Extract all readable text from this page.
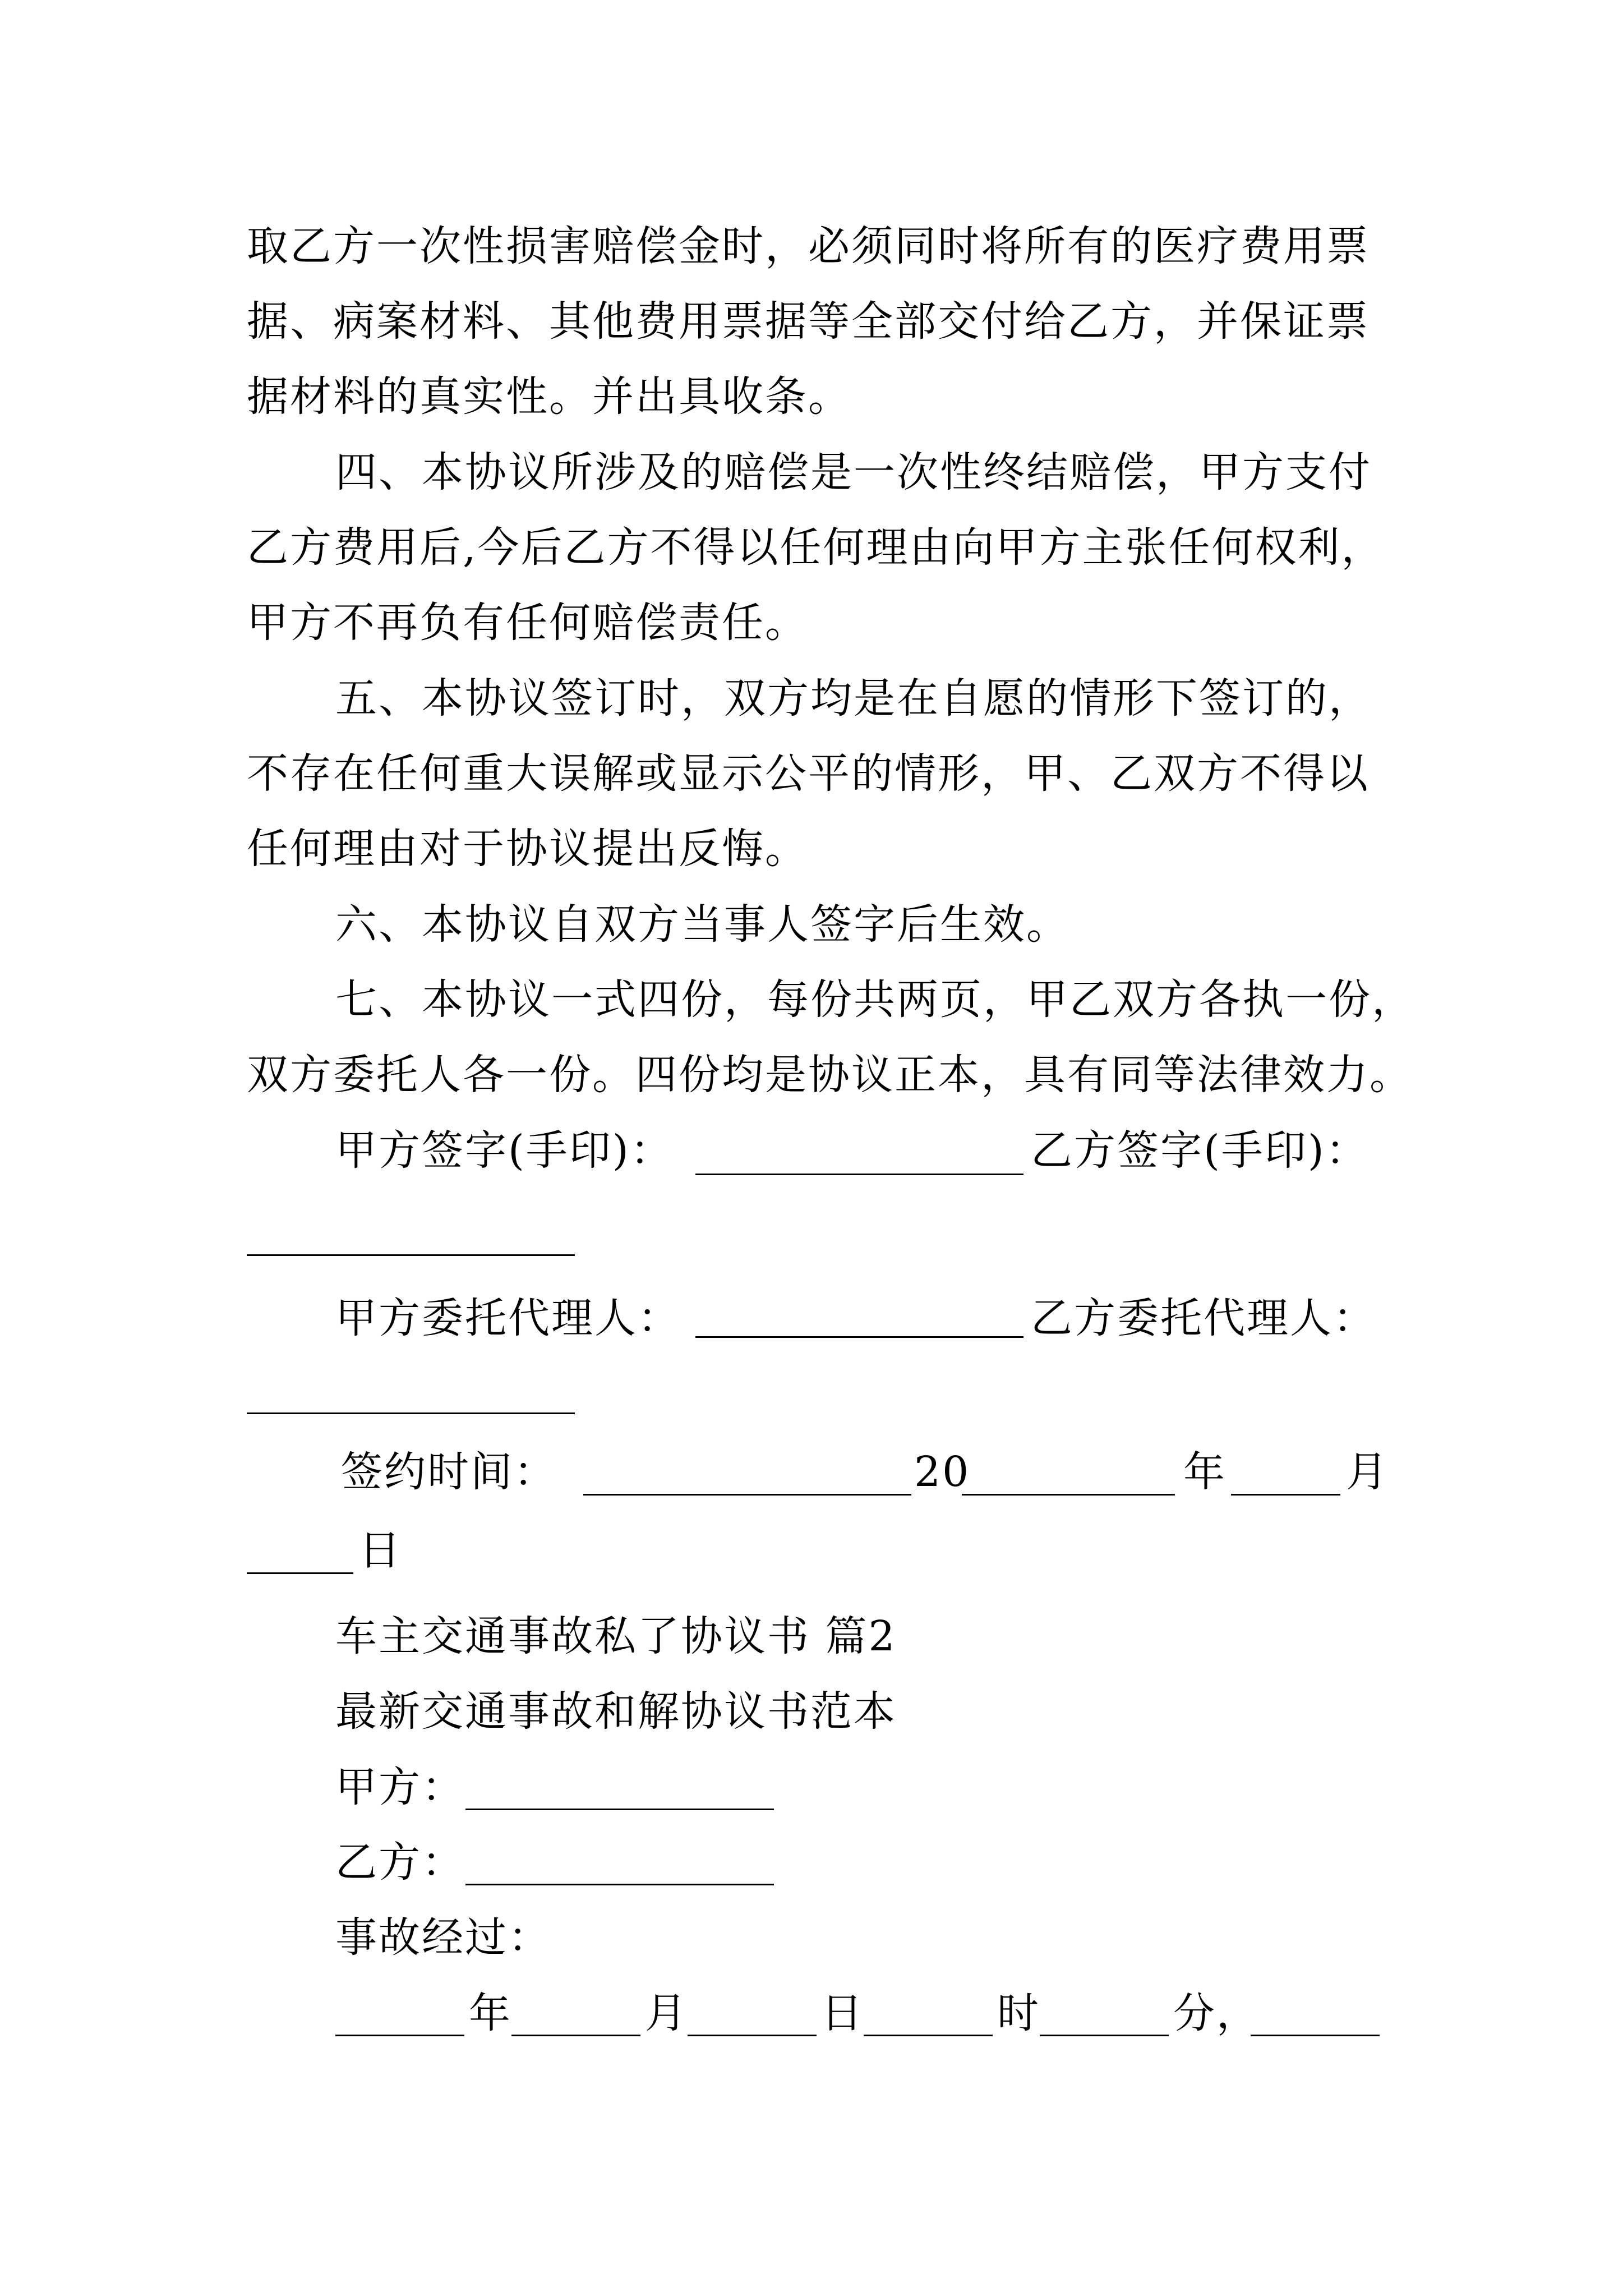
取乙方一次性损害赔偿金时，必须同时将所有的医疗费用票
据、病案材料、其他费用票据等全部交付给乙方，并保证票
据材料的真实性。并出具收条。
四、本协议所涉及的赔偿是一次性终结赔偿，甲方支付
乙方费用后,今后乙方不得以任何理由向甲方主张任何权利，
甲方不再负有任何赔偿责任。
五、本协议签订时，双方均是在自愿的情形下签订的，
不存在任何重大误解或显示公平的情形，甲、乙双方不得以
任何理由对于协议提出反悔。
六、本协议自双方当事人签字后生效。
七、本协议一式四份，每份共两页，甲乙双方各执一份，
双方委托人各一份。四份均是协议正本，具有同等法律效力。
甲方签字(手印)：	乙方签字(手印)：
甲方委托代理人：	乙方委托代理人：
签约时间：	20	年	月
日
车主交通事故私了协议书 篇2
最新交通事故和解协议书范本
甲方：
乙方：
事故经过：
年	月	日	时	分，
